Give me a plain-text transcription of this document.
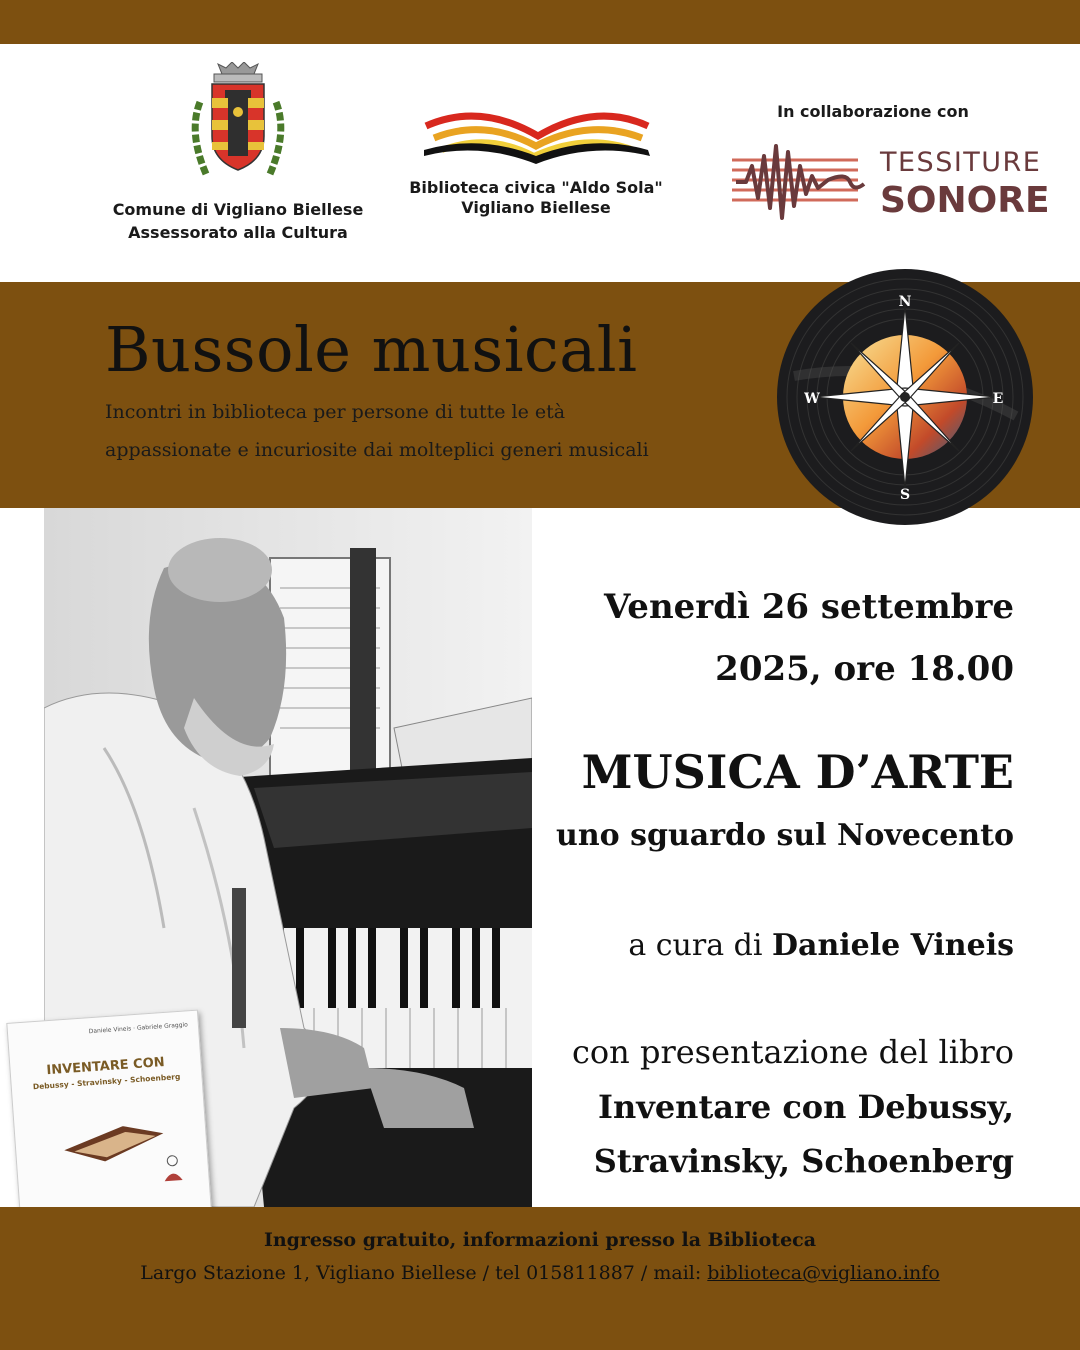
Comune di Vigliano Biellese
Assessorato alla Cultura
Biblioteca civica "Aldo Sola"
Vigliano Biellese
In collaborazione con
TESSITURE
SONORE
Bussole musicali
Incontri in biblioteca per persone di tutte le età
appassionate e incuriosite dai molteplici generi musicali
N
S
E
W
Daniele Vineis · Gabriele Graggio
INVENTARE CON
Debussy - Stravinsky - Schoenberg
Venerdì 26 settembre
2025, ore 18.00
MUSICA D’ARTE
uno sguardo sul Novecento
a cura di Daniele Vineis
con presentazione del libro
Inventare con Debussy,
Stravinsky, Schoenberg
Ingresso gratuito, informazioni presso la Biblioteca
Largo Stazione 1, Vigliano Biellese / tel 015811887 / mail: biblioteca@vigliano.info
